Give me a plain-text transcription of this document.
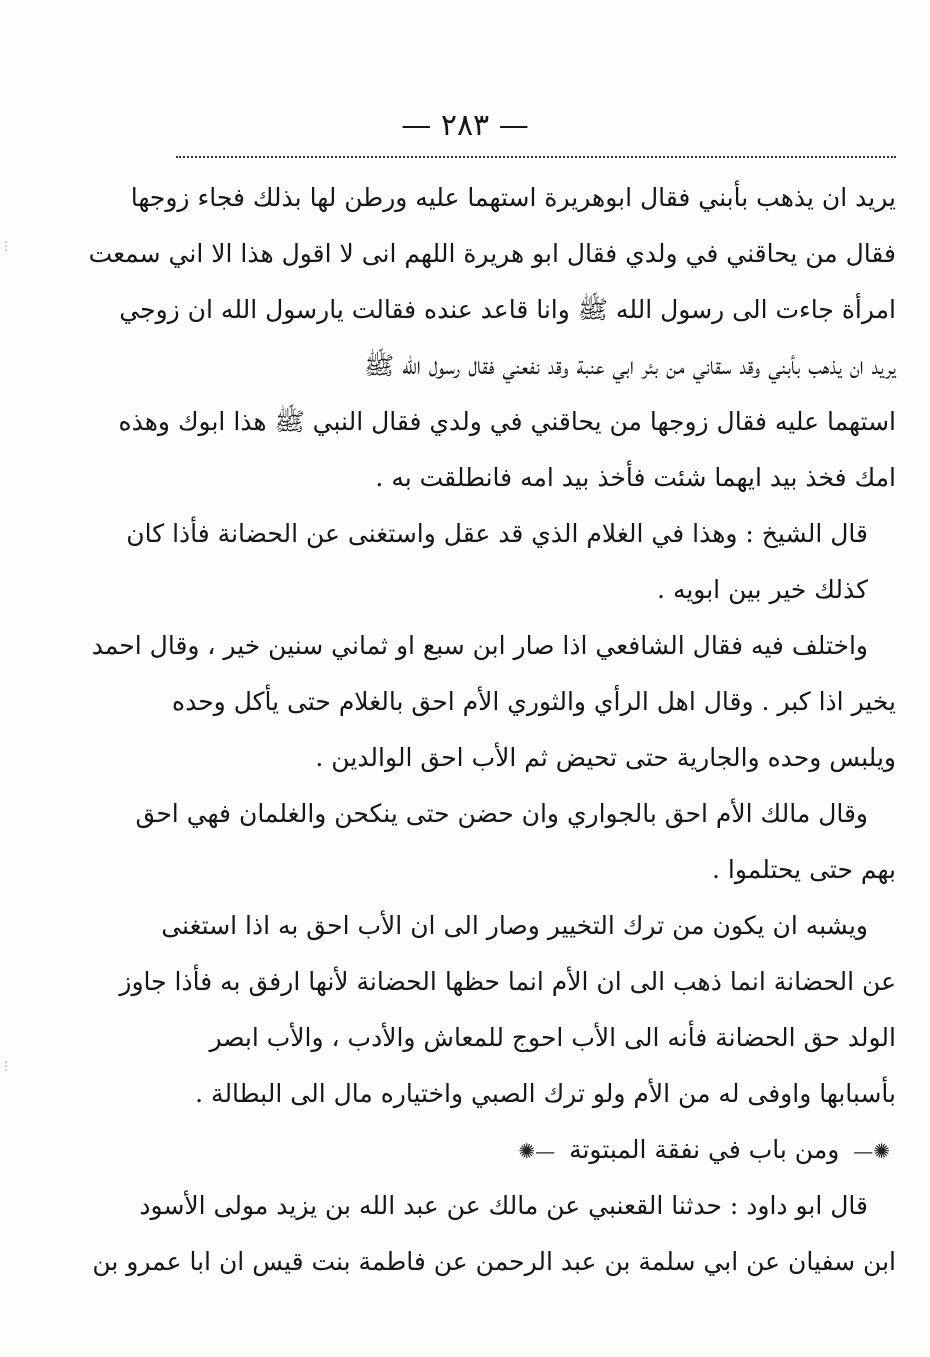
— ٢٨٣ —
⋮
⋮

يريد ان يذهب بأبني فقال ابوهريرة استهما عليه ورطن لها بذلك فجاء زوجها

فقال من يحاقني في ولدي فقال ابو هريرة اللهم انى لا اقول هذا الا اني سمعت

امرأة جاءت الى رسول الله ﷺ وانا قاعد عنده فقالت يارسول الله ان زوجي

يريد ان يذهب بأبني وقد سقاني من بئر ابي عنبة وقد نفعني فقال رسول الله ﷺ

استهما عليه فقال زوجها من يحاقني في ولدي فقال النبي ﷺ هذا ابوك وهذه

امك فخذ بيد ايهما شئت فأخذ بيد امه فانطلقت به .

قال الشيخ : وهذا في الغلام الذي قد عقل واستغنى عن الحضانة فأذا كان

كذلك خير بين ابويه .

واختلف فيه فقال الشافعي اذا صار ابن سبع او ثماني سنين خير ، وقال احمد

يخير اذا كبر . وقال اهل الرأي والثوري الأم احق بالغلام حتى يأكل وحده

ويلبس وحده والجارية حتى تحيض ثم الأب احق الوالدين .

وقال مالك الأم احق بالجواري وان حضن حتى ينكحن والغلمان فهي احق

بهم حتى يحتلموا .

ويشبه ان يكون من ترك التخيير وصار الى ان الأب احق به اذا استغنى

عن الحضانة انما ذهب الى ان الأم انما حظها الحضانة لأنها ارفق به فأذا جاوز

الولد حق الحضانة فأنه الى الأب احوج للمعاش والأدب ، والأب ابصر

بأسبابها واوفى له من الأم ولو ترك الصبي واختياره مال الى البطالة .

✺— ومن باب في نفقة المبتوتة —✺

قال ابو داود : حدثنا القعنبي عن مالك عن عبد الله بن يزيد مولى الأسود

ابن سفيان عن ابي سلمة بن عبد الرحمن عن فاطمة بنت قيس ان ابا عمرو بن
